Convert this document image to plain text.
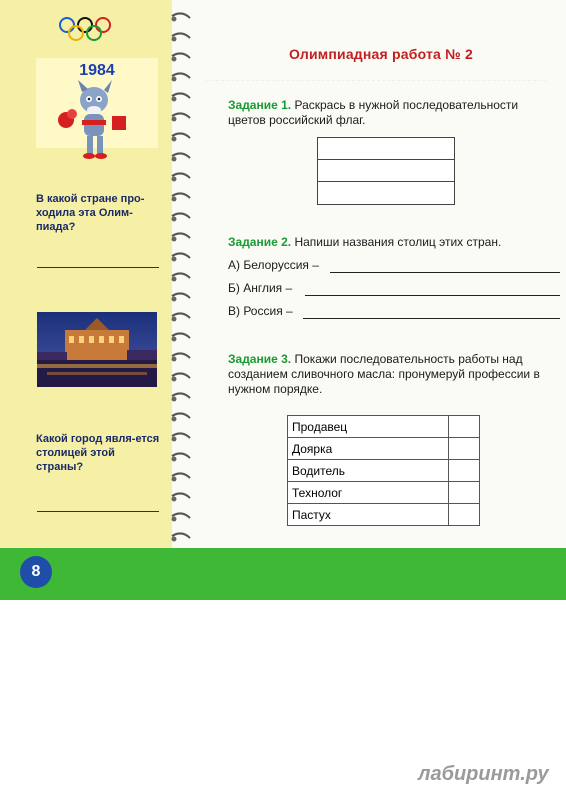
1984
В какой стране про-ходила эта Олим-пиада?
Какой город явля-ется столицей этой страны?
Олимпиадная работа № 2
Задание 1. Раскрась в нужной последовательности цветов российский флаг.
Задание 2. Напиши названия столиц этих стран.
А) Белоруссия –
Б) Англия –
В) Россия –
Задание 3. Покажи последовательность работы над созданием сливочного масла: пронумеруй профессии в нужном порядке.
Продавец	
Доярка	
Водитель	
Технолог	
Пастух	
8
лабиринт.ру
